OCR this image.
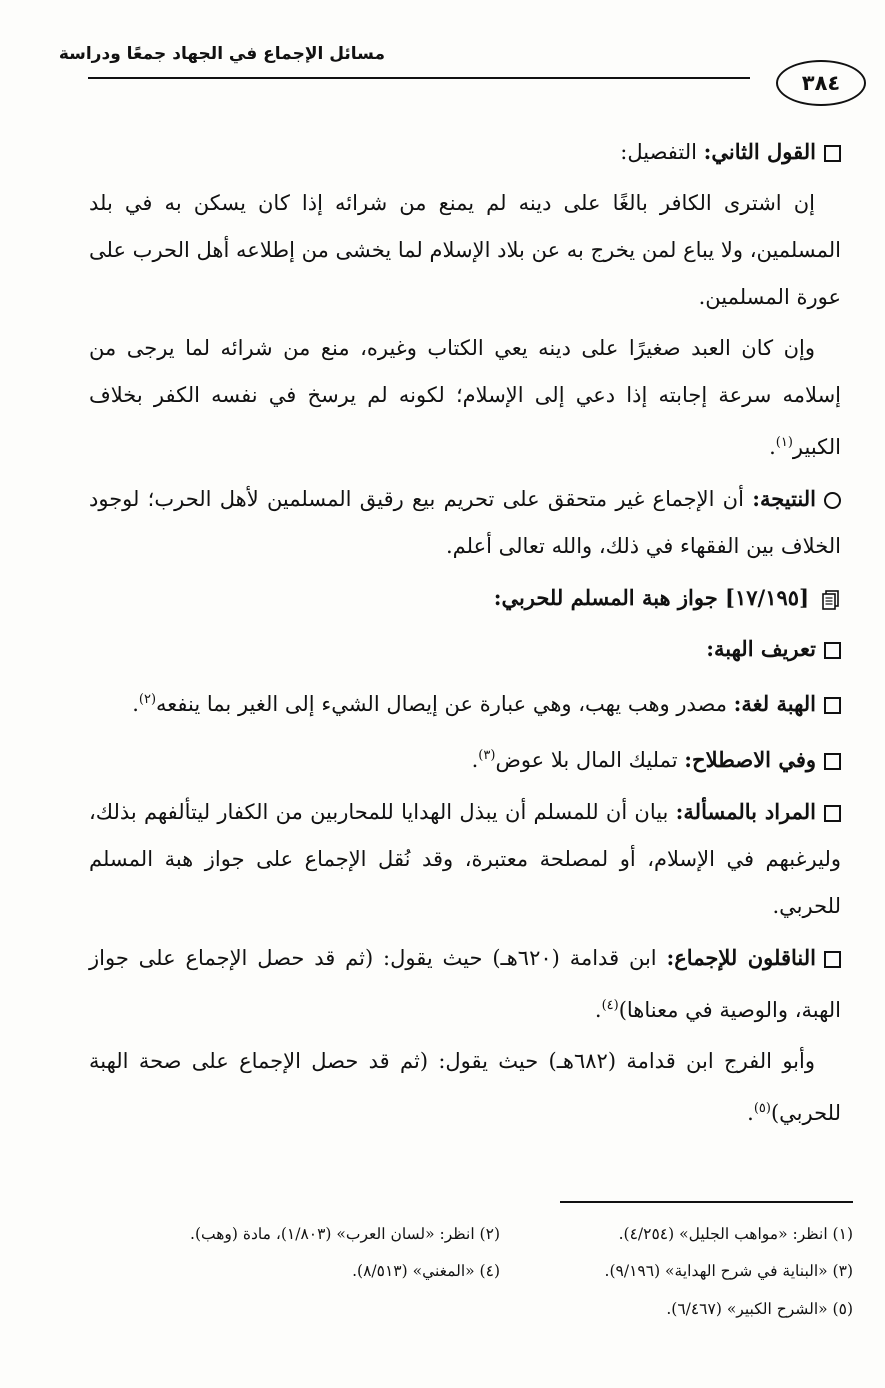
مسائل الإجماع في الجهاد جمعًا ودراسة
٣٨٤

القول الثاني: التفصيل:

إن اشترى الكافر بالغًا على دينه لم يمنع من شرائه إذا كان يسكن به في بلد المسلمين، ولا يباع لمن يخرج به عن بلاد الإسلام لما يخشى من إطلاعه أهل الحرب على عورة المسلمين.

وإن كان العبد صغيرًا على دينه يعي الكتاب وغيره، منع من شرائه لما يرجى من إسلامه سرعة إجابته إذا دعي إلى الإسلام؛ لكونه لم يرسخ في نفسه الكفر بخلاف الكبير$^{(١)}$.

النتيجة: أن الإجماع غير متحقق على تحريم بيع رقيق المسلمين لأهل الحرب؛ لوجود الخلاف بين الفقهاء في ذلك، والله تعالى أعلم.

[١٧/١٩٥] جواز هبة المسلم للحربي:

تعريف الهبة:

الهبة لغة: مصدر وهب يهب، وهي عبارة عن إيصال الشيء إلى الغير بما ينفعه$^{(٢)}$.

وفي الاصطلاح: تمليك المال بلا عوض$^{(٣)}$.

المراد بالمسألة: بيان أن للمسلم أن يبذل الهدايا للمحاربين من الكفار ليتألفهم بذلك، وليرغبهم في الإسلام، أو لمصلحة معتبرة، وقد نُقل الإجماع على جواز هبة المسلم للحربي.

الناقلون للإجماع: ابن قدامة (٦٢٠هـ) حيث يقول: (ثم قد حصل الإجماع على جواز الهبة، والوصية في معناها)$^{(٤)}$.

وأبو الفرج ابن قدامة (٦٨٢هـ) حيث يقول: (ثم قد حصل الإجماع على صحة الهبة للحربي)$^{(٥)}$.

(١) انظر: «مواهب الجليل» (٤/٢٥٤).
(٢) انظر: «لسان العرب» (١/٨٠٣)، مادة (وهب).
(٣) «البناية في شرح الهداية» (٩/١٩٦).
(٤) «المغني» (٨/٥١٣).
(٥) «الشرح الكبير» (٦/٤٦٧).
